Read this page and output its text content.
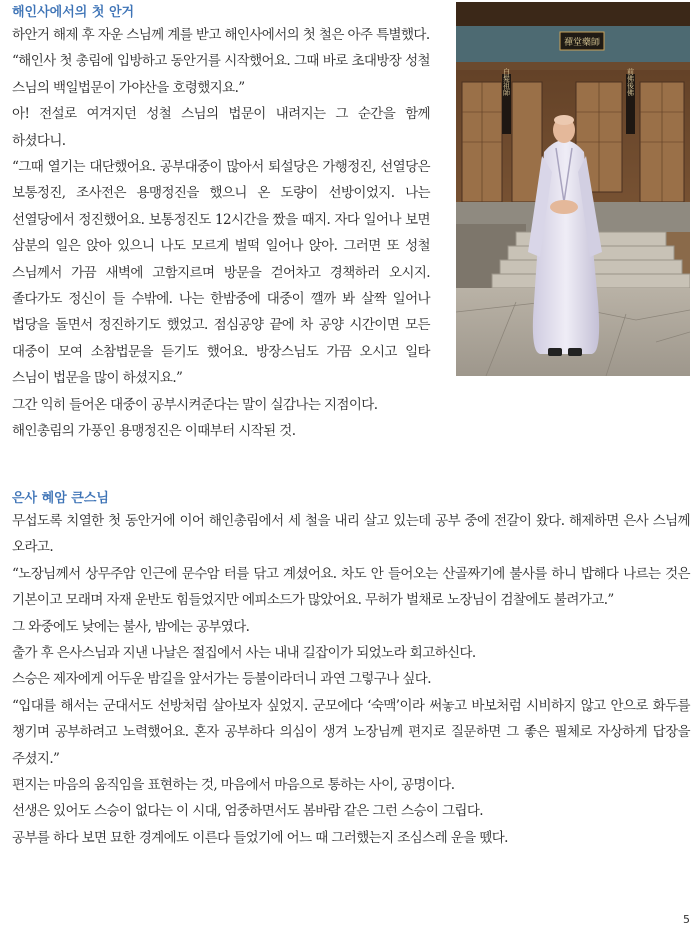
해인사에서의 첫 안거

하안거 해제 후 자운 스님께 계를 받고 해인사에서의 첫 철은 아주 특별했다.
“해인사 첫 총림에 입방하고 동안거를 시작했어요. 그때 바로 초대방장 성철 스님의 백일법문이 가야산을 호령했지요.”
아! 전설로 여겨지던 성철 스님의 법문이 내려지는 그 순간을 함께 하셨다니.
“그때 열기는 대단했어요. 공부대중이 많아서 퇴설당은 가행정진, 선열당은 보통정진, 조사전은 용맹정진을 했으니 온 도량이 선방이었지. 나는 선열당에서 정진했어요. 보통정진도 12시간을 짰을 때지. 자다 일어나 보면 삼분의 일은 앉아 있으니 나도 모르게 벌떡 일어나 앉아. 그러면 또 성철 스님께서 가끔 새벽에 고함지르며 방문을 걷어차고 경책하러 오시지. 졸다가도 정신이 들 수밖에. 나는 한밤중에 대중이 깰까 봐 살짝 일어나 법당을 돌면서 정진하기도 했었고. 점심공양 끝에 차 공양 시간이면 모든 대중이 모여 소참법문을 듣기도 했어요. 방장스님도 가끔 오시고 일타 스님이 법문을 많이 하셨지요.”
그간 익히 들어온 대중이 공부시켜준다는 말이 실감나는 지점이다.
해인총림의 가풍인 용맹정진은 이때부터 시작된 것.

禪堂藥師
白髮祖師	前佛後佛
은사 혜암 큰스님

무섭도록 치열한 첫 동안거에 이어 해인총림에서 세 철을 내리 살고 있는데 공부 중에 전갈이 왔다. 해제하면 은사 스님께 오라고.
“노장님께서 상무주암 인근에 문수암 터를 닦고 계셨어요. 차도 안 들어오는 산골짜기에 불사를 하니 밥해다 나르는 것은 기본이고 모래며 자재 운반도 힘들었지만 에피소드가 많았어요. 무허가 벌채로 노장님이 검찰에도 불려가고.”
그 와중에도 낮에는 불사, 밤에는 공부였다.
출가 후 은사스님과 지낸 나날은 절집에서 사는 내내 길잡이가 되었노라 회고하신다.
스승은 제자에게 어두운 밤길을 앞서가는 등불이라더니 과연 그렇구나 싶다.
“입대를 해서는 군대서도 선방처럼 살아보자 싶었지. 군모에다 ‘숙맥’이라 써놓고 바보처럼 시비하지 않고 안으로 화두를 챙기며 공부하려고 노력했어요. 혼자 공부하다 의심이 생겨 노장님께 편지로 질문하면 그 좋은 필체로 자상하게 답장을 주셨지.”
편지는 마음의 움직임을 표현하는 것, 마음에서 마음으로 통하는 사이, 공명이다.
선생은 있어도 스승이 없다는 이 시대, 엄중하면서도 봄바람 같은 그런 스승이 그립다.
공부를 하다 보면 묘한 경계에도 이른다 들었기에 어느 때 그러했는지 조심스레 운을 뗐다.

5
